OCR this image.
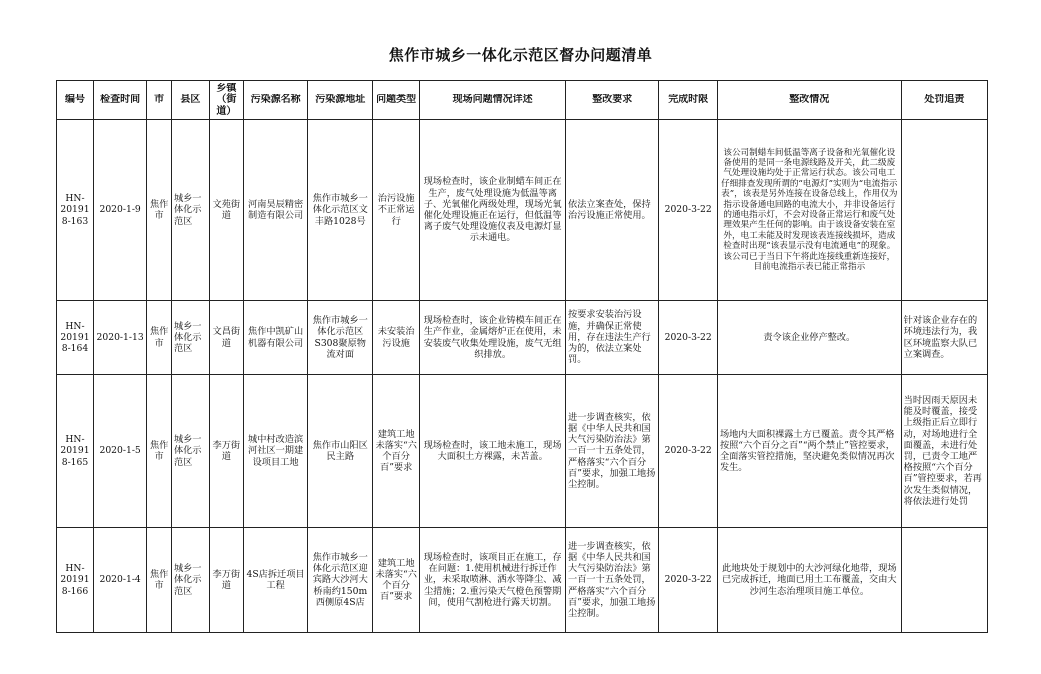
焦作市城乡一体化示范区督办问题清单
编号	检查时间	市	县区	乡镇（街道）	污染源名称	污染源地址	问题类型	现场问题情况详述	整改要求	完成时限	整改情况	处罚追责

HN-201918-163	2020-1-9	焦作市	城乡一体化示范区	文苑街道	河南昊辰精密制造有限公司	焦作市城乡一体化示范区文丰路1028号	治污设施不正常运行	现场检查时，该企业制蜡车间正在生产，废气处理设施为低温等离子、光氧催化两级处理，现场光氧催化处理设施正在运行，但低温等离子废气处理设施仪表及电源灯显示未通电。	依法立案查处，保持治污设施正常使用。	2020-3-22	该公司制蜡车间低温等离子设备和光氧催化设备使用的是同一条电源线路及开关，此二级废气处理设施均处于正常运行状态。该公司电工仔细排查发现所谓的“电源灯”实则为“电流指示表”，该表是另外连接在设备总线上，作用仅为指示设备通电回路的电流大小，并非设备运行的通电指示灯，不会对设备正常运行和废气处理效果产生任何的影响。由于该设备安装在室外，电工未能及时发现该表连接线损坏，造成检查时出现“该表显示没有电流通电”的现象。该公司已于当日下午将此连接线重新连接好，目前电流指示表已能正常指示	
HN-201918-164	2020-1-13	焦作市	城乡一体化示范区	文昌街道	焦作中凯矿山机器有限公司	焦作市城乡一体化示范区S308聚原物流对面	未安装治污设施	现场检查时，该企业铸模车间正在生产作业，金属熔炉正在使用，未安装废气收集处理设施，废气无组织排放。	按要求安装治污设施，并确保正常使用，存在违法生产行为的，依法立案处罚。	2020-3-22	责令该企业停产整改。	针对该企业存在的环境违法行为，我区环境监察大队已立案调查。
HN-201918-165	2020-1-5	焦作市	城乡一体化示范区	李万街道	城中村改造滨河社区一期建设项目工地	焦作市山阳区民主路	建筑工地未落实“六个百分百”要求	现场检查时，该工地未施工，现场大面积土方裸露，未苫盖。	进一步调查核实，依据《中华人民共和国大气污染防治法》第一百一十五条处罚，严格落实“六个百分百”要求，加强工地扬尘控制。	2020-3-22	场地内大面积裸露土方已覆盖。责令其严格按照“六个百分之百”“两个禁止”管控要求，全面落实管控措施，坚决避免类似情况再次发生。	当时因雨天原因未能及时覆盖，接受上级指正后立即行动，对场地进行全面覆盖，未进行处罚，已责令工地严格按照“六个百分百”管控要求，若再次发生类似情况，将依法进行处罚
HN-201918-166	2020-1-4	焦作市	城乡一体化示范区	李万街道	4S店拆迁项目工程	焦作市城乡一体化示范区迎宾路大沙河大桥南约150m西侧原4S店	建筑工地未落实“六个百分百”要求	现场检查时，该项目正在施工，存在问题：1.使用机械进行拆迁作业，未采取喷淋、洒水等降尘、减尘措施；2.重污染天气橙色预警期间，使用气割枪进行露天切割。	进一步调查核实，依据《中华人民共和国大气污染防治法》第一百一十五条处罚，严格落实“六个百分百”要求，加强工地扬尘控制。	2020-3-22	此地块处于规划中的大沙河绿化地带，现场已完成拆迁，地面已用土工布覆盖，交由大沙河生态治理项目施工单位。	
